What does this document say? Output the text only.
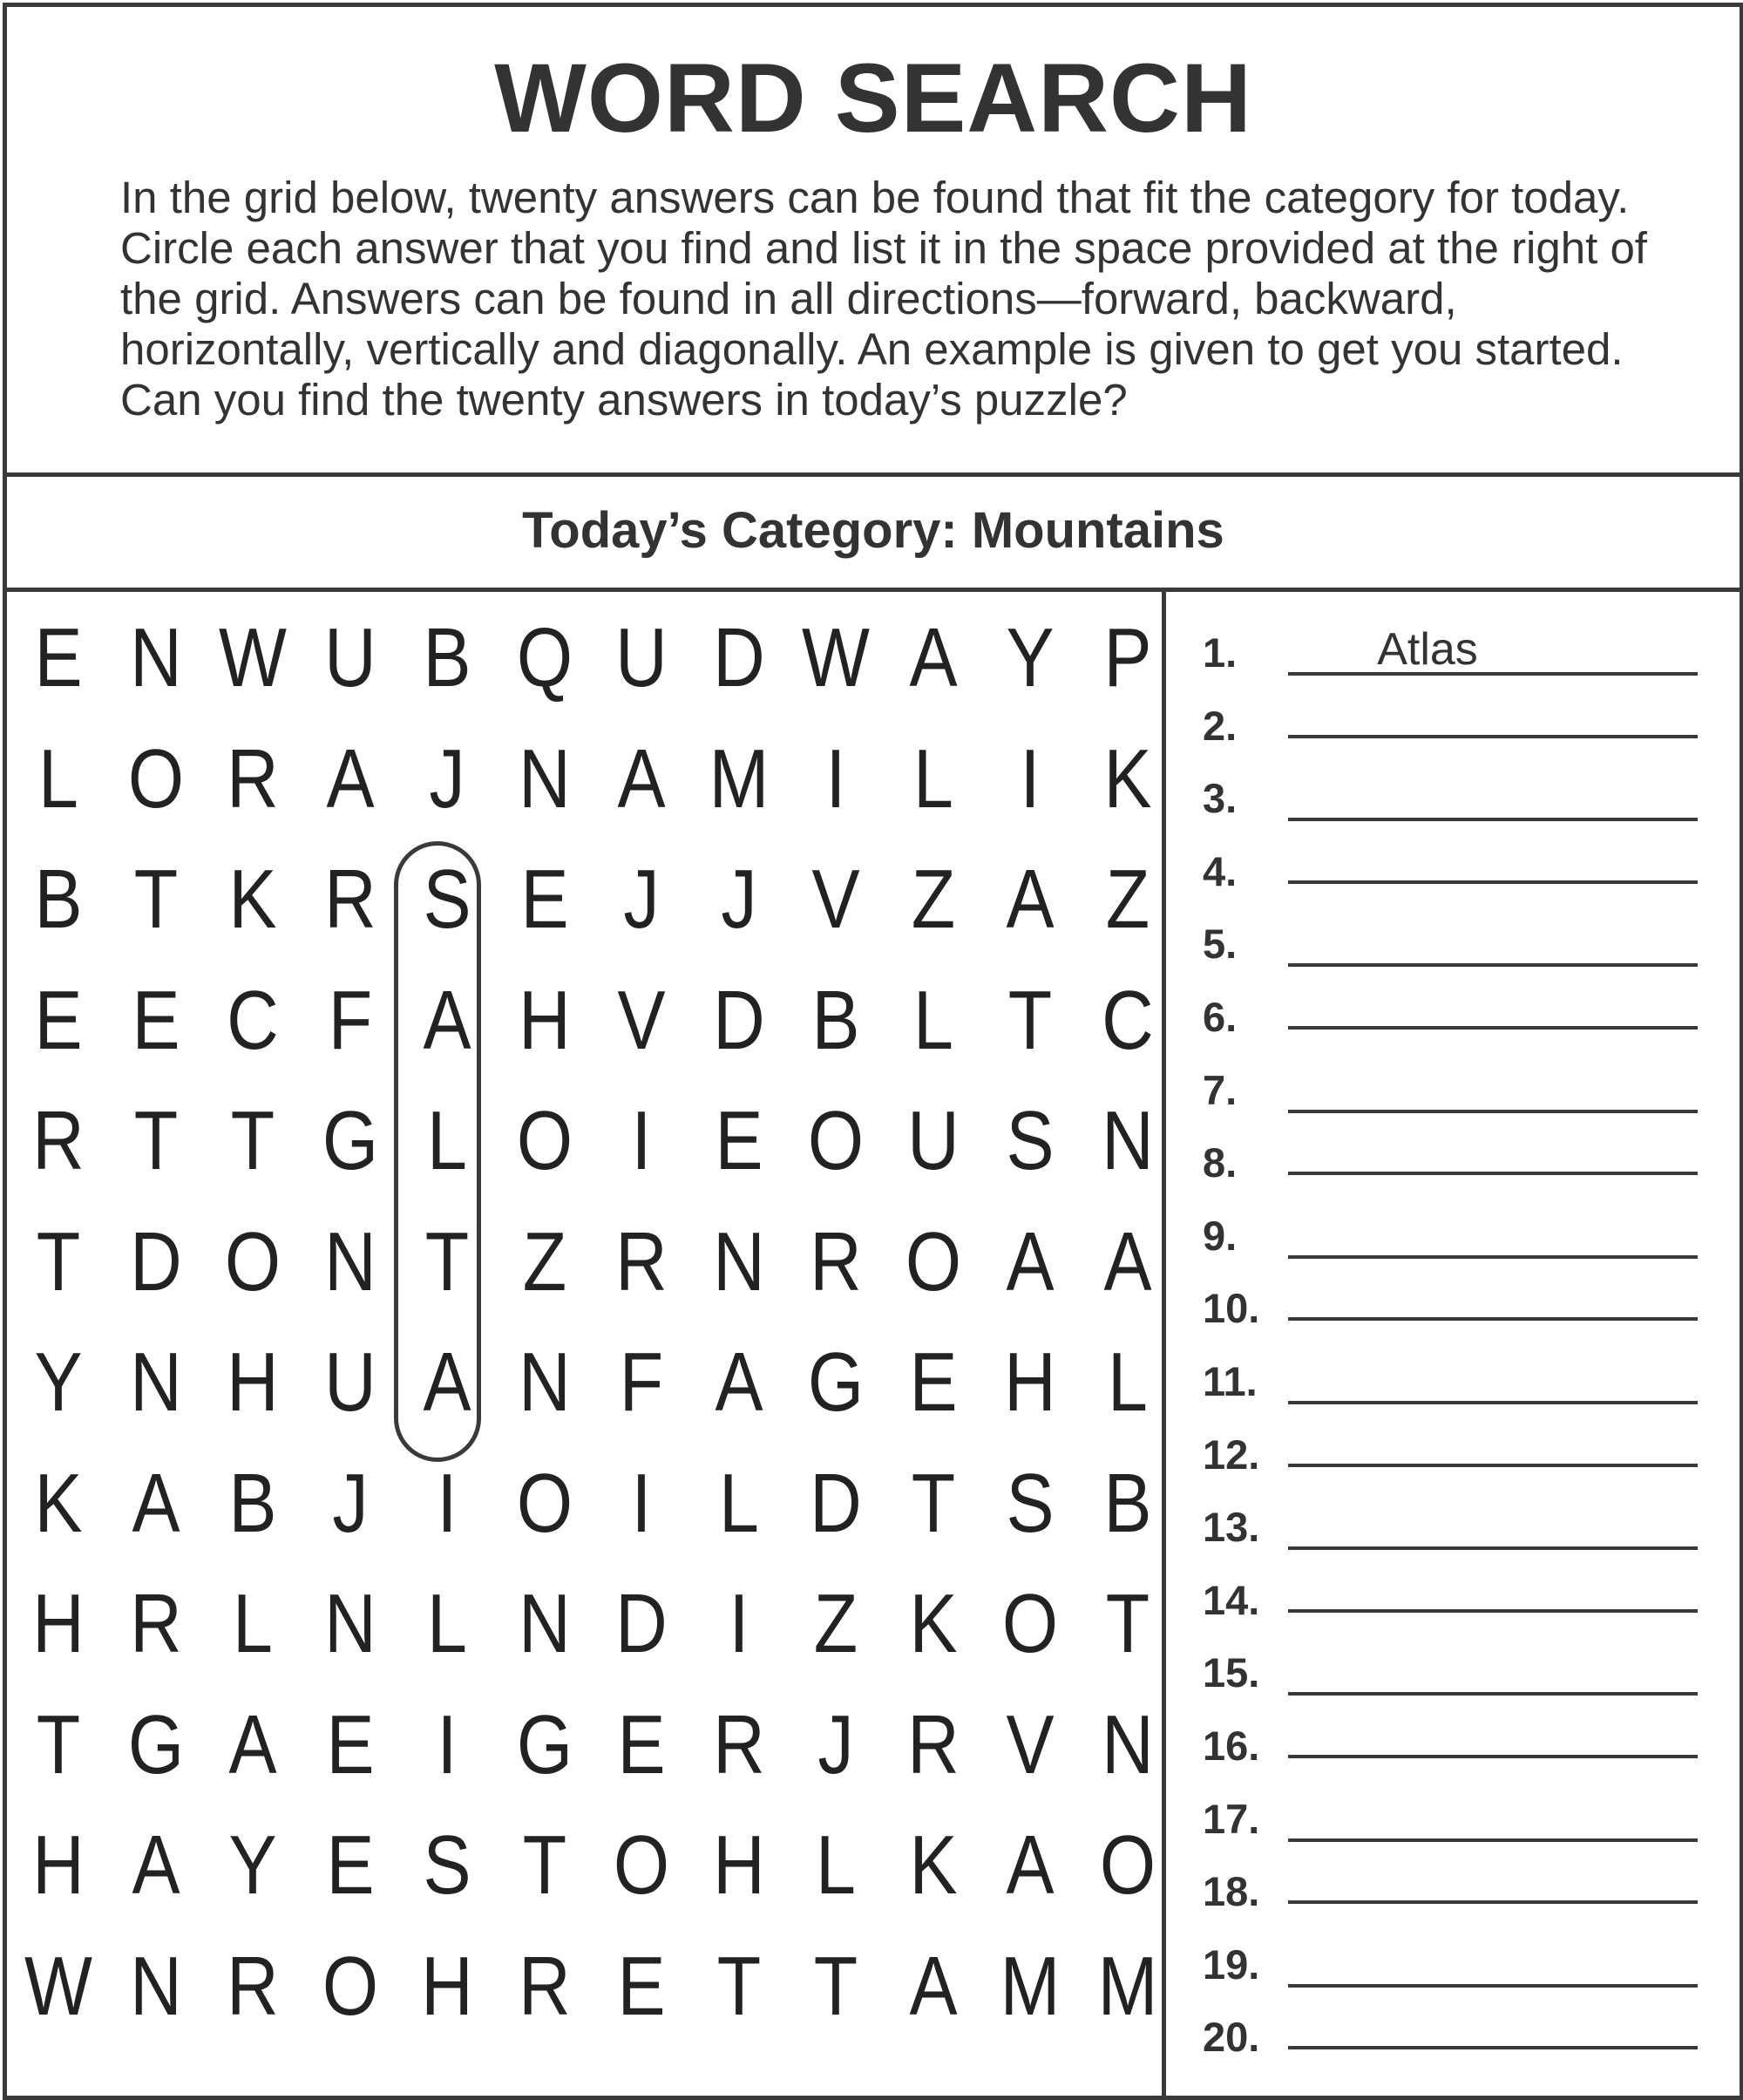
WORD SEARCH
In the grid below, twenty answers can be found that fit the category for today. Circle each answer that you find and list it in the space provided at the right of the grid. Answers can be found in all directions—forward, backward, horizontally, vertically and diagonally. An example is given to get you started. Can you find the twenty answers in today’s puzzle?
Today’s Category: Mountains
E N W U B Q U D W A Y P
L O R A J N A M I L I K
B T K R S E J J V Z A Z
E E C F A H V D B L T C
R T T G L O I E O U S N
T D O N T Z R N R O A A
Y N H U A N F A G E H L
K A B J I O I L D T S B
H R L N L N D I Z K O T
T G A E I G E R J R V N
H A Y E S T O H L K A O
W N R O H R E T T A M M
1.	Atlas
2.
3.
4.
5.
6.
7.
8.
9.
10.
11.
12.
13.
14.
15.
16.
17.
18.
19.
20.
